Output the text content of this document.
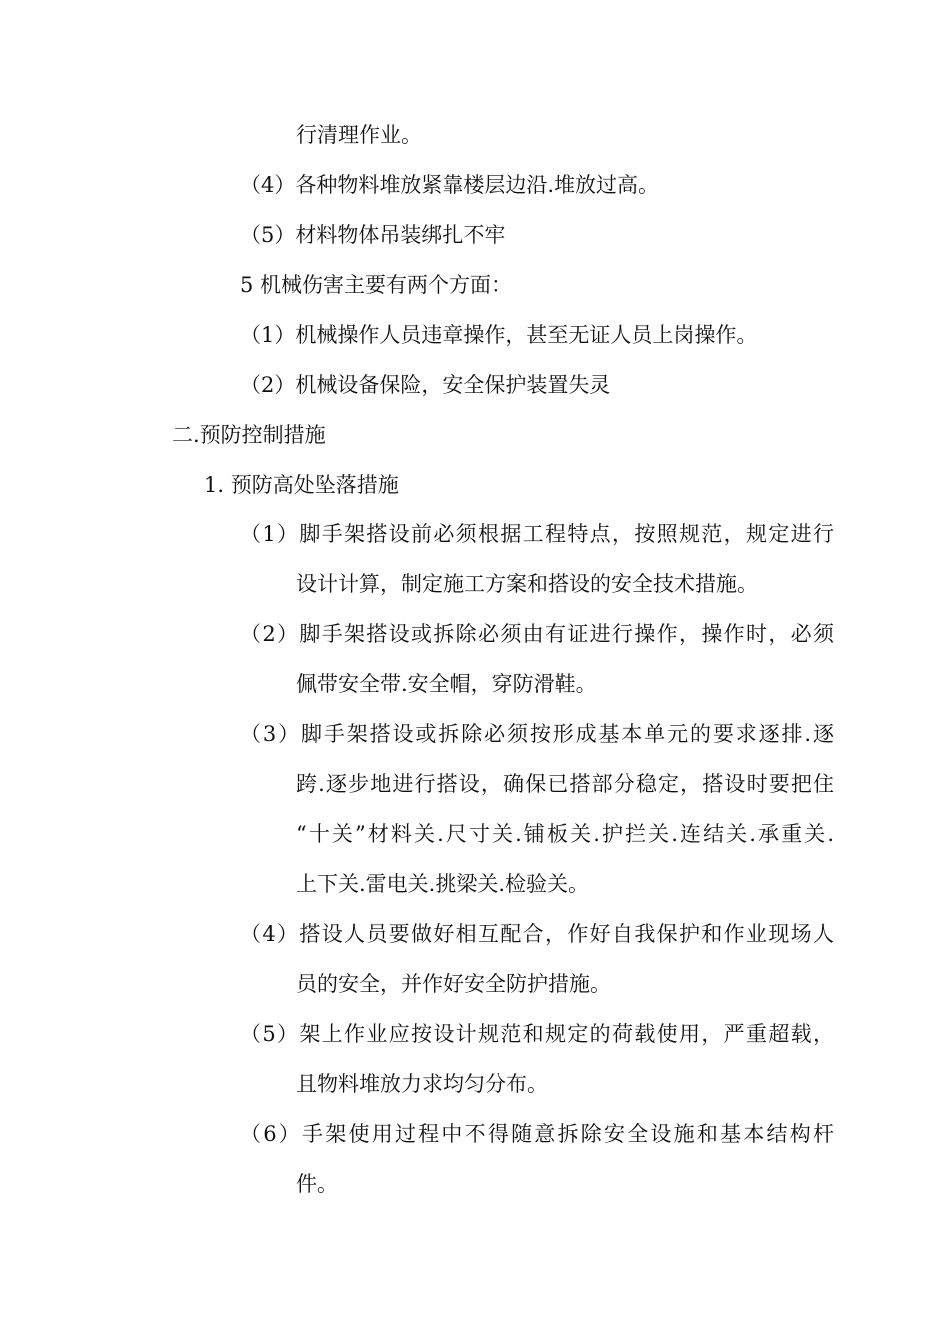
行清理作业。
（4）各种物料堆放紧靠楼层边沿.堆放过高。
（5）材料物体吊装绑扎不牢
5 机械伤害主要有两个方面：
（1）机械操作人员违章操作，甚至无证人员上岗操作。
（2）机械设备保险，安全保护装置失灵
二.预防控制措施
1. 预防高处坠落措施
（1）脚手架搭设前必须根据工程特点，按照规范，规定进行
设计计算，制定施工方案和搭设的安全技术措施。
（2）脚手架搭设或拆除必须由有证进行操作，操作时，必须
佩带安全带.安全帽，穿防滑鞋。
（3）脚手架搭设或拆除必须按形成基本单元的要求逐排.逐
跨.逐步地进行搭设，确保已搭部分稳定，搭设时要把住
“十关”材料关.尺寸关.铺板关.护拦关.连结关.承重关.
上下关.雷电关.挑梁关.检验关。
（4）搭设人员要做好相互配合，作好自我保护和作业现场人
员的安全，并作好安全防护措施。
（5）架上作业应按设计规范和规定的荷载使用，严重超载，
且物料堆放力求均匀分布。
（6）手架使用过程中不得随意拆除安全设施和基本结构杆
件。
